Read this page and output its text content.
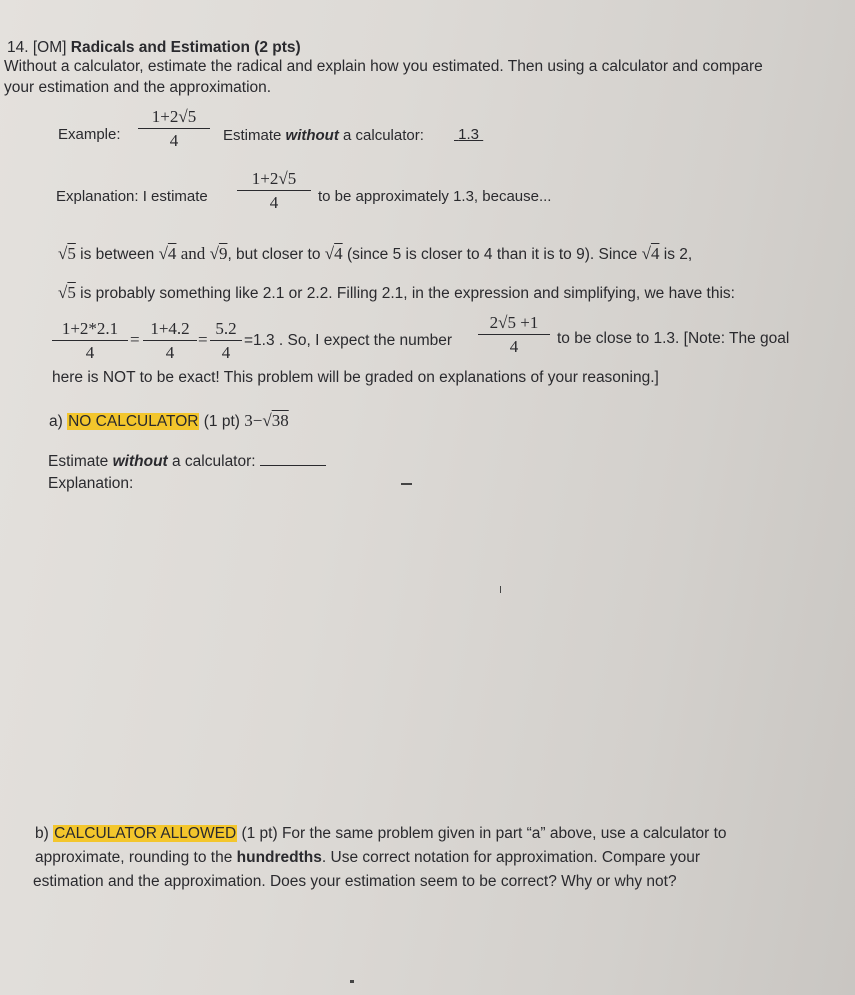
14. [OM] Radicals and Estimation (2 pts)
Without a calculator, estimate the radical and explain how you estimated. Then using a calculator and compare
your estimation and the approximation.
Example:
1+2√5
4	Estimate without a calculator: 1.3
Explanation: I estimate
1+2√5
4	to be approximately 1.3, because...
√5 is between √4 and √9, but closer to √4 (since 5 is closer to 4 than it is to 9). Since √4 is 2,
√5 is probably something like 2.1 or 2.2. Filling 2.1, in the expression and simplifying, we have this:
1+2*2.1
4
=
1+4.2
4
=
5.2
4
=1.3 . So, I expect the number
2√5 +1
4	to be close to 1.3. [Note: The goal
here is NOT to be exact! This problem will be graded on explanations of your reasoning.]
a) NO CALCULATOR (1 pt) 3−√38
Estimate without a calculator:
Explanation:
b) CALCULATOR ALLOWED (1 pt) For the same problem given in part “a” above, use a calculator to
approximate, rounding to the hundredths. Use correct notation for approximation. Compare your
estimation and the approximation. Does your estimation seem to be correct? Why or why not?
